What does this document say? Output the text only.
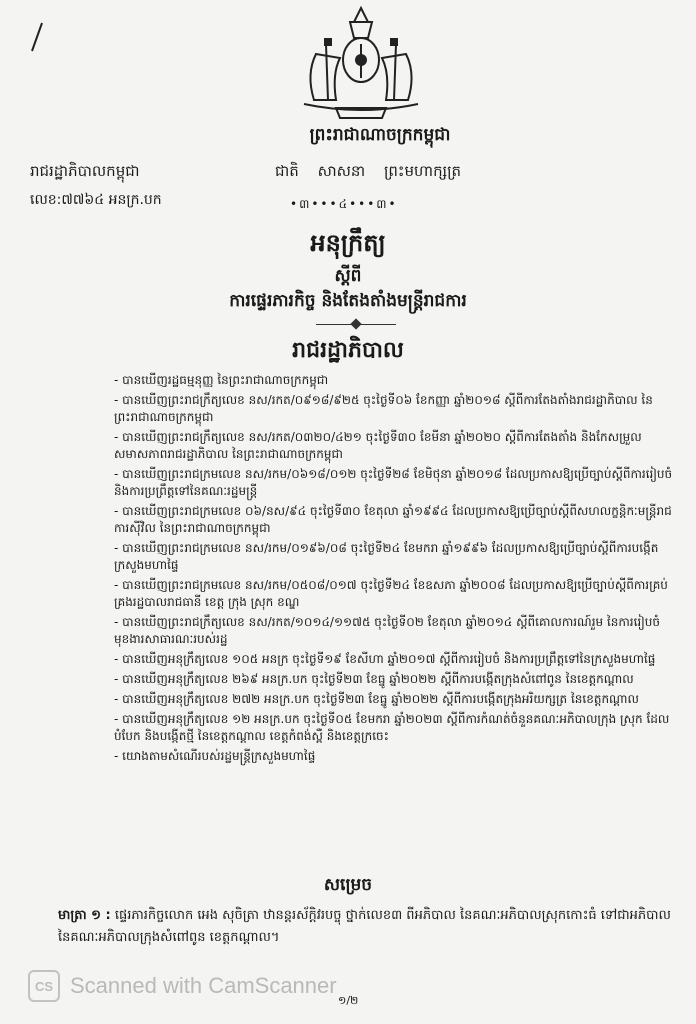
ព្រះរាជាណាចក្រកម្ពុជា
រាជរដ្ឋាភិបាលកម្ពុជា	ជាតិ សាសនា ព្រះមហាក្សត្រ
លេខ:៧៧៦៤ អនក្រ.បក	•៣•••៤•••៣•
អនុក្រឹត្យ
ស្តីពី
ការផ្ទេរភារកិច្ច និងតែងតាំងមន្ត្រីរាជការ
រាជរដ្ឋាភិបាល
- បានឃើញរដ្ឋធម្មនុញ្ញ នៃព្រះរាជាណាចក្រកម្ពុជា
- បានឃើញព្រះរាជក្រឹត្យលេខ នស/រកត/០៩១៨/៩២៥ ចុះថ្ងៃទី០៦ ខែកញ្ញា ឆ្នាំ២០១៨ ស្តីពីការតែងតាំងរាជរដ្ឋាភិបាល នៃព្រះរាជាណាចក្រកម្ពុជា
- បានឃើញព្រះរាជក្រឹត្យលេខ នស/រកត/០៣២០/៤២១ ចុះថ្ងៃទី៣០ ខែមីនា ឆ្នាំ២០២០ ស្តីពីការតែងតាំង និងកែសម្រួលសមាសភាពរាជរដ្ឋាភិបាល នៃព្រះរាជាណាចក្រកម្ពុជា
- បានឃើញព្រះរាជក្រមលេខ នស/រកម/០៦១៨/០១២ ចុះថ្ងៃទី២៨ ខែមិថុនា ឆ្នាំ២០១៨ ដែលប្រកាសឱ្យប្រើច្បាប់ស្តីពីការរៀបចំ និងការប្រព្រឹត្តទៅនៃគណៈរដ្ឋមន្ត្រី
- បានឃើញព្រះរាជក្រមលេខ ០៦/នស/៩៤ ចុះថ្ងៃទី៣០ ខែតុលា ឆ្នាំ១៩៩៤ ដែលប្រកាសឱ្យប្រើច្បាប់ស្តីពីសហលក្ខន្តិកៈមន្ត្រីរាជការស៊ីវិល នៃព្រះរាជាណាចក្រកម្ពុជា
- បានឃើញព្រះរាជក្រមលេខ នស/រកម/០១៩៦/០៨ ចុះថ្ងៃទី២៤ ខែមករា ឆ្នាំ១៩៩៦ ដែលប្រកាសឱ្យប្រើច្បាប់ស្តីពីការបង្កើតក្រសួងមហាផ្ទៃ
- បានឃើញព្រះរាជក្រមលេខ នស/រកម/០៥០៨/០១៧ ចុះថ្ងៃទី២៤ ខែឧសភា ឆ្នាំ២០០៨ ដែលប្រកាសឱ្យប្រើច្បាប់ស្តីពីការគ្រប់គ្រងរដ្ឋបាលរាជធានី ខេត្ត ក្រុង ស្រុក ខណ្ឌ
- បានឃើញព្រះរាជក្រឹត្យលេខ នស/រកត/១០១៤/១១៧៥ ចុះថ្ងៃទី០២ ខែតុលា ឆ្នាំ២០១៤ ស្តីពីគោលការណ៍រួម នៃការរៀបចំមុខងារសាធារណៈរបស់រដ្ឋ
- បានឃើញអនុក្រឹត្យលេខ ១០៥ អនក្រ ចុះថ្ងៃទី១៩ ខែសីហា ឆ្នាំ២០១៧ ស្តីពីការរៀបចំ និងការប្រព្រឹត្តទៅនៃក្រសួងមហាផ្ទៃ
- បានឃើញអនុក្រឹត្យលេខ ២៦៩ អនក្រ.បក ចុះថ្ងៃទី២៣ ខែធ្នូ ឆ្នាំ២០២២ ស្តីពីការបង្កើតក្រុងសំពៅពូន នៃខេត្តកណ្តាល
- បានឃើញអនុក្រឹត្យលេខ ២៧២ អនក្រ.បក ចុះថ្ងៃទី២៣ ខែធ្នូ ឆ្នាំ២០២២ ស្តីពីការបង្កើតក្រុងអរិយក្សត្រ នៃខេត្តកណ្តាល
- បានឃើញអនុក្រឹត្យលេខ ១២ អនក្រ.បក ចុះថ្ងៃទី០៥ ខែមករា ឆ្នាំ២០២៣ ស្តីពីការកំណត់ចំនួនគណៈអភិបាលក្រុង ស្រុក ដែលបំបែក និងបង្កើតថ្មី នៃខេត្តកណ្តាល ខេត្តកំពង់ស្ពឺ និងខេត្តក្រចេះ
- យោងតាមសំណើរបស់រដ្ឋមន្ត្រីក្រសួងមហាផ្ទៃ
សម្រេច
មាត្រា ១ : ផ្ទេរភារកិច្ចលោក អេង សុចិត្រា ឋានន្តរស័ក្តិវរបច្ចុ ថ្នាក់លេខ៣ ពីអភិបាល នៃគណៈអភិបាលស្រុកកោះធំ ទៅជាអភិបាល នៃគណៈអភិបាលក្រុងសំពៅពូន ខេត្តកណ្តាល។
CS Scanned with CamScanner
១/២
